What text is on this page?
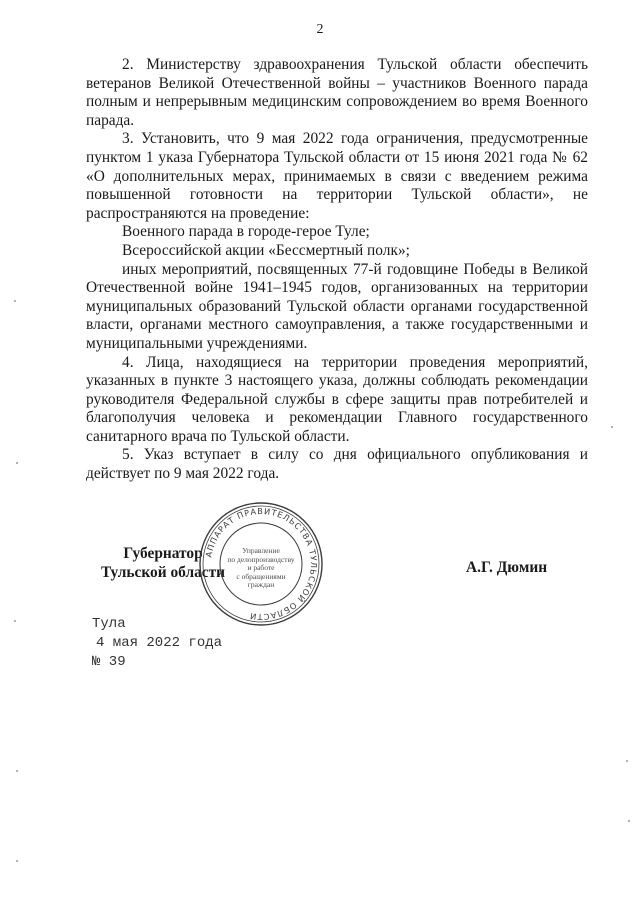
2

2. Министерству здравоохранения Тульской области обеспечить ветеранов Великой Отечественной войны – участников Военного парада полным и непрерывным медицинским сопровождением во время Военного парада.

3. Установить, что 9 мая 2022 года ограничения, предусмотренные пунктом 1 указа Губернатора Тульской области от 15 июня 2021 года № 62 «О дополнительных мерах, принимаемых в связи с введением режима повышенной готовности на территории Тульской области», не распространяются на проведение:

Военного парада в городе-герое Туле;

Всероссийской акции «Бессмертный полк»;

иных мероприятий, посвященных 77-й годовщине Победы в Великой Отечественной войне 1941–1945 годов, организованных на территории муниципальных образований Тульской области органами государственной власти, органами местного самоуправления, а также государственными и муниципальными учреждениями.

4. Лица, находящиеся на территории проведения мероприятий, указанных в пункте 3 настоящего указа, должны соблюдать рекомендации руководителя Федеральной службы в сфере защиты прав потребителей и благополучия человека и рекомендации Главного государственного санитарного врача по Тульской области.

5. Указ вступает в силу со дня официального опубликования и действует по 9 мая 2022 года.

Губернатор
Тульской области	А.Г. Дюмин
АППАРАТ ПРАВИТЕЛЬСТВА ТУЛЬСКОЙ ОБЛАСТИ
Управление
по делопроизводству
и работе
с обращениями
граждан
Тула
4 мая 2022 года
№ 39
